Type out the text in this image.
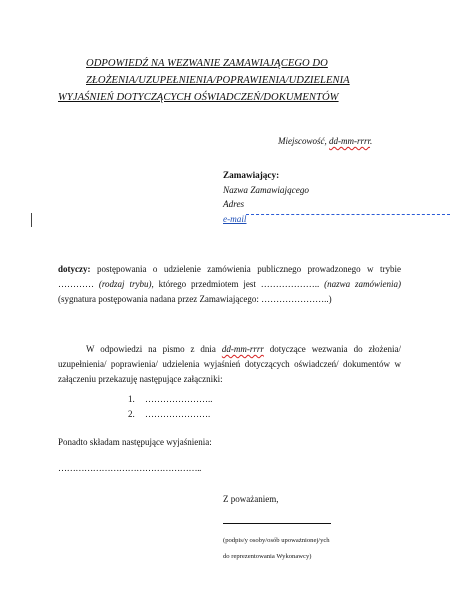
ODPOWIEDŹ NA WEZWANIE ZAMAWIAJĄCEGO DO
ZŁOŻENIA/UZUPEŁNIENIA/POPRAWIENIA/UDZIELENIA
WYJAŚNIEŃ DOTYCZĄCYCH OŚWIADCZEŃ/DOKUMENTÓW
Miejscowość, dd-mm-rrrr.
Zamawiający:
Nazwa Zamawiającego
Adres
e-mail
dotyczy: postępowania o udzielenie zamówienia publicznego prowadzonego w trybie ………… (rodzaj trybu), którego przedmiotem jest ……………….. (nazwa zamówienia) (sygnatura postępowania nadana przez Zamawiającego: …………………..)
W odpowiedzi na pismo z dnia dd-mm-rrrr dotyczące wezwania do złożenia/ uzupełnienia/ poprawienia/ udzielenia wyjaśnień dotyczących oświadczeń/ dokumentów w załączeniu przekazuję następujące załączniki:
1. …………………..
2. ………………….
Ponadto składam następujące wyjaśnienia:
…………………………………………..
Z poważaniem,
(podpis/y osoby/osób upoważnionej/ych
do reprezentowania Wykonawcy)
